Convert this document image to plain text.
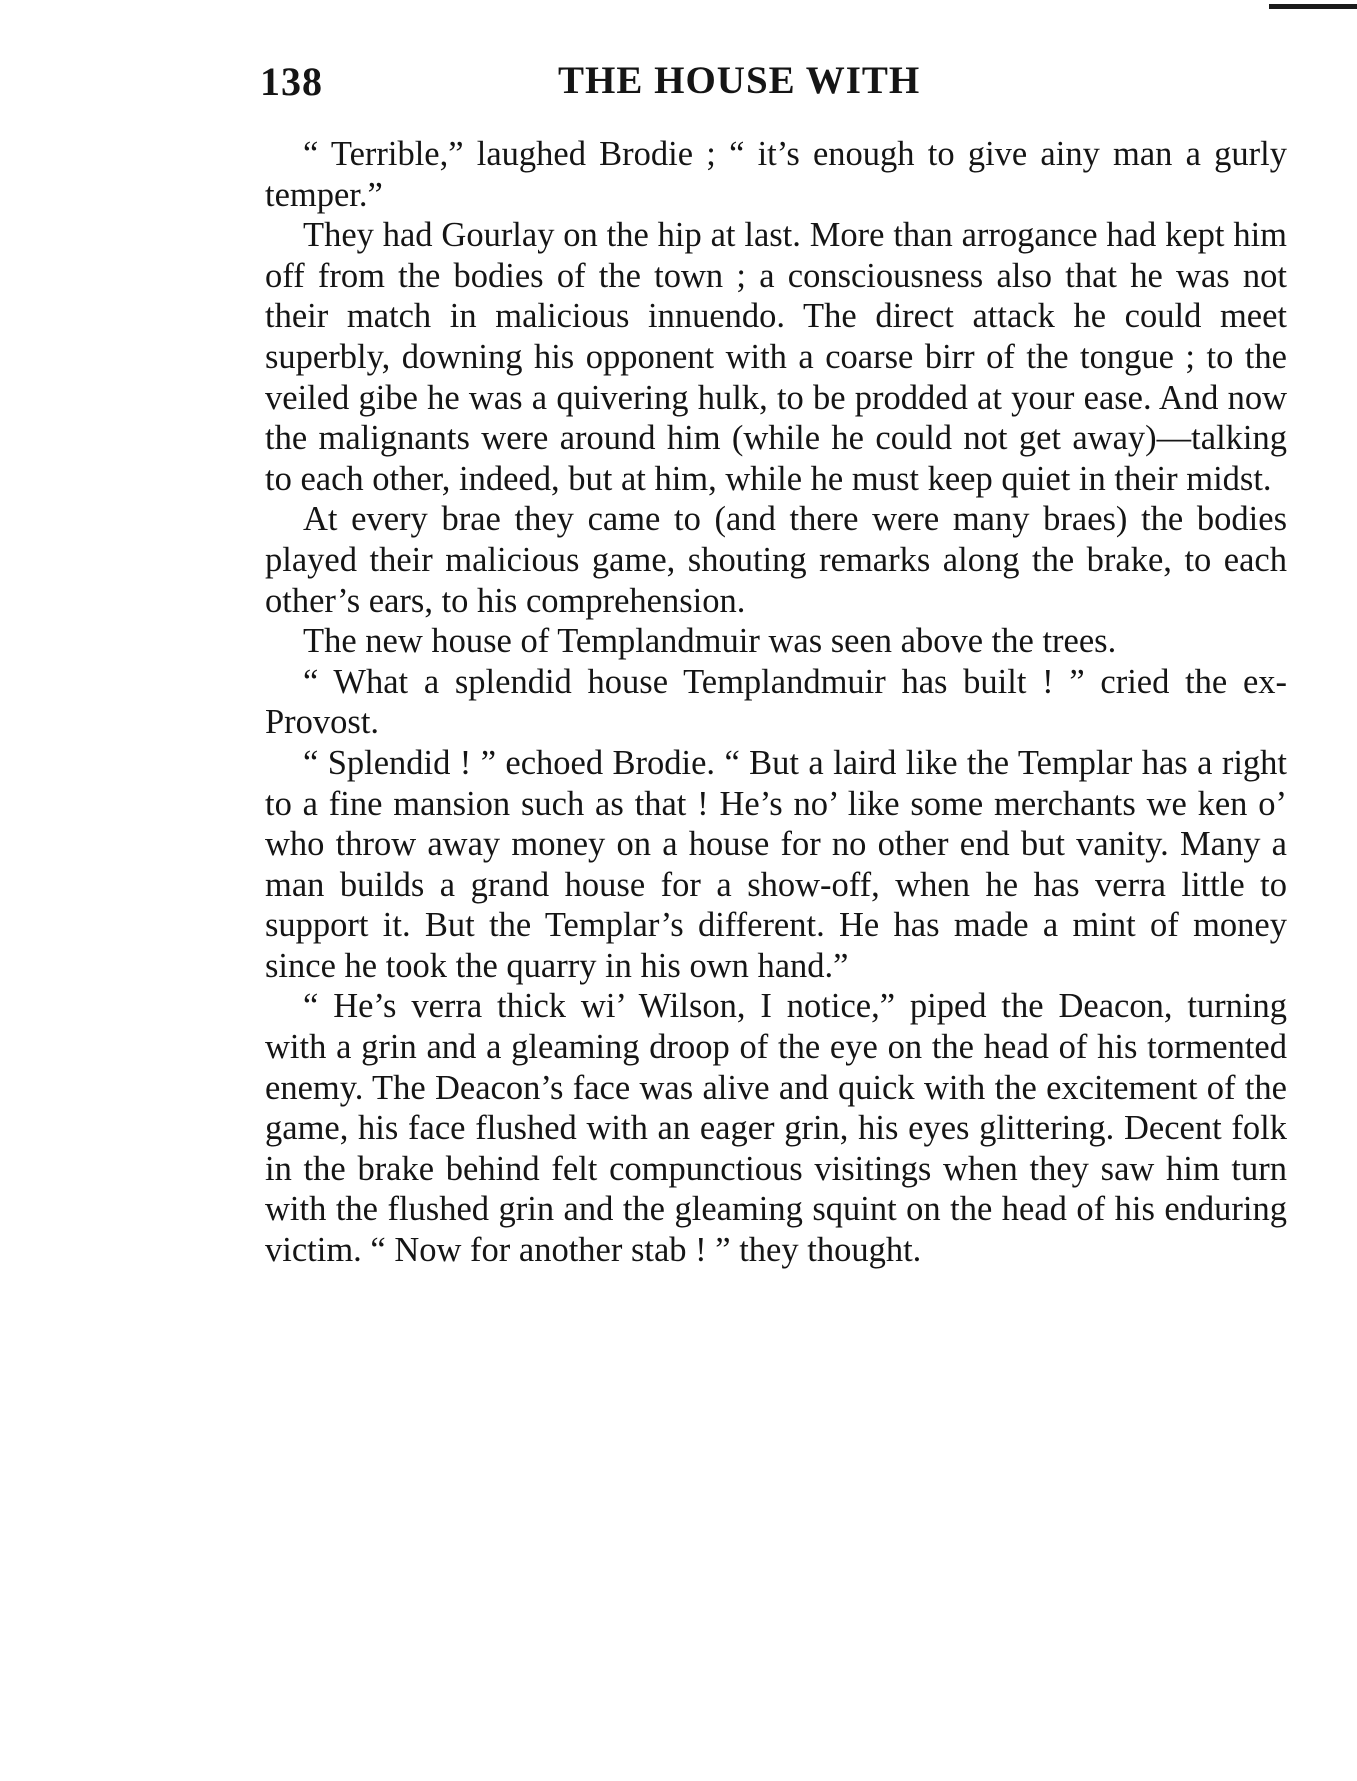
138	THE HOUSE WITH

“ Terrible,” laughed Brodie ; “ it’s enough to give ainy man a gurly temper.”

They had Gourlay on the hip at last. More than arrogance had kept him off from the bodies of the town ; a consciousness also that he was not their match in malicious innuendo. The direct attack he could meet superbly, downing his opponent with a coarse birr of the tongue ; to the veiled gibe he was a quivering hulk, to be prodded at your ease. And now the malignants were around him (while he could not get away)—talking to each other, indeed, but at him, while he must keep quiet in their midst.

At every brae they came to (and there were many braes) the bodies played their malicious game, shouting remarks along the brake, to each other’s ears, to his comprehension.

The new house of Templandmuir was seen above the trees.

“ What a splendid house Templandmuir has built ! ” cried the ex-Provost.

“ Splendid ! ” echoed Brodie. “ But a laird like the Templar has a right to a fine mansion such as that ! He’s no’ like some merchants we ken o’ who throw away money on a house for no other end but vanity. Many a man builds a grand house for a show-off, when he has verra little to support it. But the Templar’s different. He has made a mint of money since he took the quarry in his own hand.”

“ He’s verra thick wi’ Wilson, I notice,” piped the Deacon, turning with a grin and a gleaming droop of the eye on the head of his tormented enemy. The Deacon’s face was alive and quick with the excitement of the game, his face flushed with an eager grin, his eyes glittering. Decent folk in the brake behind felt compunctious visitings when they saw him turn with the flushed grin and the gleaming squint on the head of his enduring victim. “ Now for another stab ! ” they thought.
